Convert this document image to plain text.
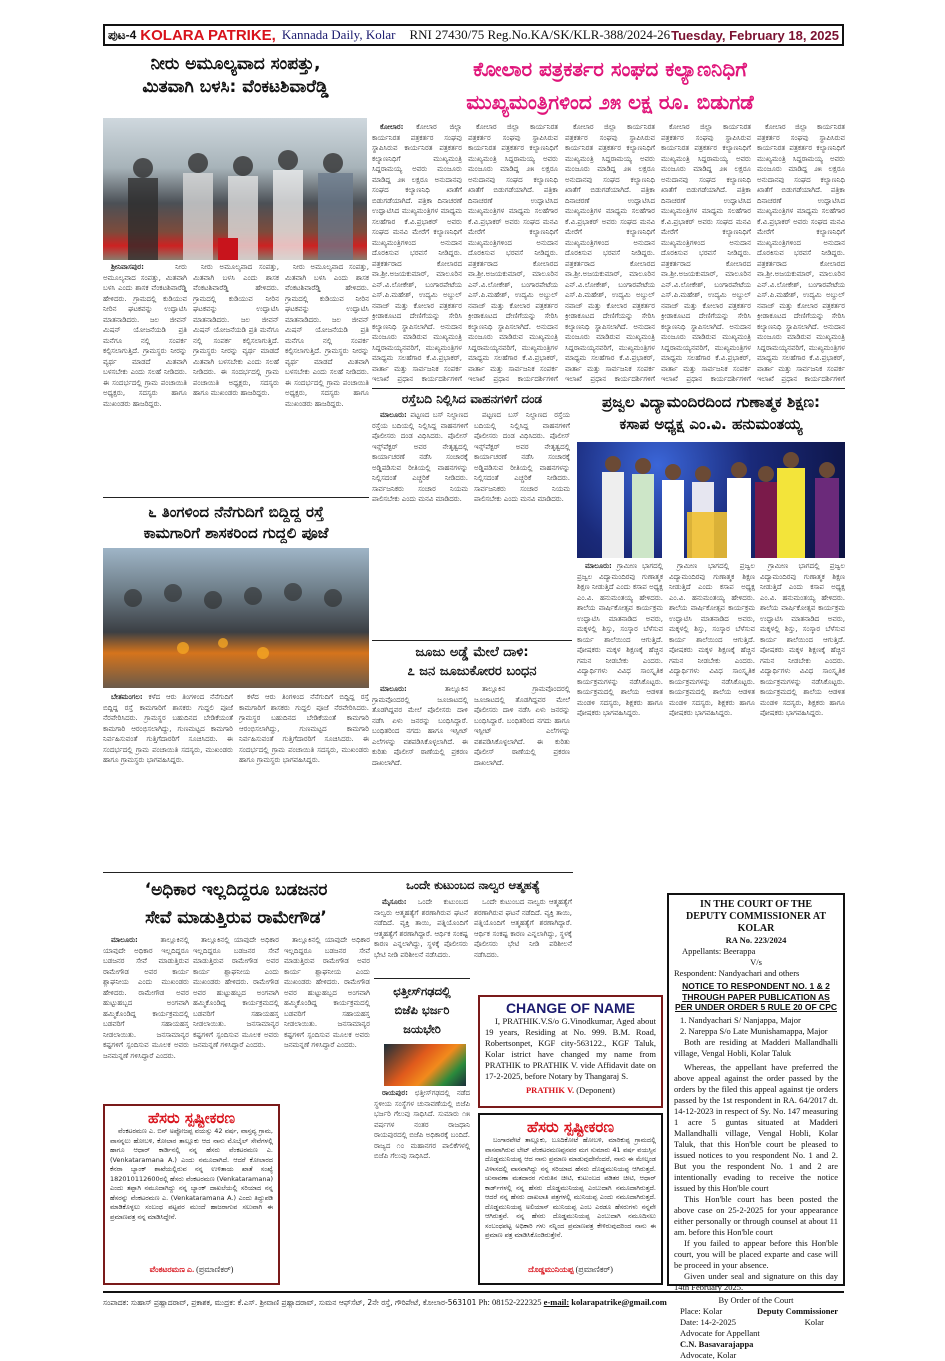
ಪುಟ-4 KOLARA PATRIKE, Kannada Daily, Kolar RNI 27430/75 Reg.No.KA/SK/KLR-388/2024-26 Tuesday, February 18, 2025
ನೀರು ಅಮೂಲ್ಯವಾದ ಸಂಪತ್ತು,
ಮಿತವಾಗಿ ಬಳಸಿ: ವೆಂಕಟಶಿವಾರೆಡ್ಡಿ

ಶ್ರೀನಿವಾಸಪುರ:	ನೀರು ಅಮೂಲ್ಯವಾದ ಸಂಪತ್ತು, ಮಿತವಾಗಿ ಬಳಸಿ ಎಂದು ಶಾಸಕ ವೆಂಕಟಶಿವಾರೆಡ್ಡಿ ಹೇಳಿದರು. ಗ್ರಾಮದಲ್ಲಿ ಕುಡಿಯುವ ನೀರಿನ ಘಟಕವನ್ನು ಉದ್ಘಾಟಿಸಿ ಮಾತನಾಡಿದರು. ಜಲ ಜೀವನ್ ಮಿಷನ್ ಯೋಜನೆಯಡಿ ಪ್ರತಿ ಮನೆಗೂ ನಲ್ಲಿ ಸಂಪರ್ಕ ಕಲ್ಪಿಸಲಾಗುತ್ತಿದೆ. ಗ್ರಾಮಸ್ಥರು ನೀರನ್ನು ವ್ಯರ್ಥ ಮಾಡದೆ ಮಿತವಾಗಿ ಬಳಸಬೇಕು ಎಂದು ಸಲಹೆ ನೀಡಿದರು. ಈ ಸಂದರ್ಭದಲ್ಲಿ ಗ್ರಾಮ ಪಂಚಾಯಿತಿ ಅಧ್ಯಕ್ಷರು, ಸದಸ್ಯರು ಹಾಗೂ ಮುಖಂಡರು ಹಾಜರಿದ್ದರು.

ನೀರು ಅಮೂಲ್ಯವಾದ ಸಂಪತ್ತು, ಮಿತವಾಗಿ ಬಳಸಿ ಎಂದು ಶಾಸಕ ವೆಂಕಟಶಿವಾರೆಡ್ಡಿ ಹೇಳಿದರು. ಗ್ರಾಮದಲ್ಲಿ ಕುಡಿಯುವ ನೀರಿನ ಘಟಕವನ್ನು ಉದ್ಘಾಟಿಸಿ ಮಾತನಾಡಿದರು. ಜಲ ಜೀವನ್ ಮಿಷನ್ ಯೋಜನೆಯಡಿ ಪ್ರತಿ ಮನೆಗೂ ನಲ್ಲಿ ಸಂಪರ್ಕ ಕಲ್ಪಿಸಲಾಗುತ್ತಿದೆ. ಗ್ರಾಮಸ್ಥರು ನೀರನ್ನು ವ್ಯರ್ಥ ಮಾಡದೆ ಮಿತವಾಗಿ ಬಳಸಬೇಕು ಎಂದು ಸಲಹೆ ನೀಡಿದರು. ಈ ಸಂದರ್ಭದಲ್ಲಿ ಗ್ರಾಮ ಪಂಚಾಯಿತಿ ಅಧ್ಯಕ್ಷರು, ಸದಸ್ಯರು ಹಾಗೂ ಮುಖಂಡರು ಹಾಜರಿದ್ದರು.

ನೀರು ಅಮೂಲ್ಯವಾದ ಸಂಪತ್ತು, ಮಿತವಾಗಿ ಬಳಸಿ ಎಂದು ಶಾಸಕ ವೆಂಕಟಶಿವಾರೆಡ್ಡಿ ಹೇಳಿದರು. ಗ್ರಾಮದಲ್ಲಿ ಕುಡಿಯುವ ನೀರಿನ ಘಟಕವನ್ನು ಉದ್ಘಾಟಿಸಿ ಮಾತನಾಡಿದರು. ಜಲ ಜೀವನ್ ಮಿಷನ್ ಯೋಜನೆಯಡಿ ಪ್ರತಿ ಮನೆಗೂ ನಲ್ಲಿ ಸಂಪರ್ಕ ಕಲ್ಪಿಸಲಾಗುತ್ತಿದೆ. ಗ್ರಾಮಸ್ಥರು ನೀರನ್ನು ವ್ಯರ್ಥ ಮಾಡದೆ ಮಿತವಾಗಿ ಬಳಸಬೇಕು ಎಂದು ಸಲಹೆ ನೀಡಿದರು. ಈ ಸಂದರ್ಭದಲ್ಲಿ ಗ್ರಾಮ ಪಂಚಾಯಿತಿ ಅಧ್ಯಕ್ಷರು, ಸದಸ್ಯರು ಹಾಗೂ ಮುಖಂಡರು ಹಾಜರಿದ್ದರು.

ಕೋಲಾರ ಪತ್ರಕರ್ತರ ಸಂಘದ ಕಲ್ಯಾಣನಿಧಿಗೆ
ಮುಖ್ಯಮಂತ್ರಿಗಳಿಂದ ೨೫ ಲಕ್ಷ ರೂ. ಬಿಡುಗಡೆ

ಕೋಲಾರ: ಕೋಲಾರ ಜಿಲ್ಲಾ ಕಾರ್ಯನಿರತ ಪತ್ರಕರ್ತರ ಸಂಘವು ಸ್ಥಾಪಿಸಿರುವ ಕಾರ್ಯನಿರತ ಪತ್ರಕರ್ತರ ಕಲ್ಯಾಣನಿಧಿಗೆ ಮುಖ್ಯಮಂತ್ರಿ ಸಿದ್ದರಾಮಯ್ಯ ಅವರು ಮಂಜೂರು ಮಾಡಿದ್ದ ೨೫ ಲಕ್ಷರೂ ಅನುದಾನವು ಸಂಘದ ಕಲ್ಯಾಣನಿಧಿ ಖಾತೆಗೆ ಬಿಡುಗಡೆಯಾಗಿದೆ. ಪತ್ರಿಕಾ ದಿನಾಚರಣೆ ಉದ್ಘಾಟಿಸಿದ ಮುಖ್ಯಮಂತ್ರಿಗಳ ಮಾಧ್ಯಮ ಸಲಹೆಗಾರ ಕೆ.ವಿ.ಪ್ರಭಾಕರ್ ಅವರು ಸಂಘದ ಮನವಿ ಮೇರೆಗೆ ಕಲ್ಯಾಣನಿಧಿಗೆ ಮುಖ್ಯಮಂತ್ರಿಗಳಿಂದ ಅನುದಾನ ದೊರಕಿಸುವ ಭರವಸೆ ನೀಡಿದ್ದರು. ಪತ್ರಕರ್ತರಾದ ಕೋಲಾರದ ವಾ.ಶ್ರೀ.ಅಜಯಕುಮಾರ್, ಮಾಲೂರಿನ ಎನ್.ವಿ.ಲೋಕೇಶ್, ಬಂಗಾರಪೇಟೆಯ ಎಸ್.ಪಿ.ಮಹೇಶ್, ಉದ್ಯಮಿ ಅಬ್ದುಲ್ ನವಾಜ್ ಮತ್ತು ಕೋಲಾರ ಪತ್ರಕರ್ತರ ಕ್ರೀಡಾಕೂಟದ ದೇಣಿಗೆಯನ್ನು ಸೇರಿಸಿ ಕಲ್ಯಾಣನಿಧಿ ಸ್ಥಾಪಿಸಲಾಗಿದೆ. ಅನುದಾನ ಮಂಜೂರು ಮಾಡಿರುವ ಮುಖ್ಯಮಂತ್ರಿ ಸಿದ್ದರಾಮಯ್ಯನವರಿಗೆ, ಮುಖ್ಯಮಂತ್ರಿಗಳ ಮಾಧ್ಯಮ ಸಲಹೆಗಾರ ಕೆ.ವಿ.ಪ್ರಭಾಕರ್, ವಾರ್ತಾ ಮತ್ತು ಸಾರ್ವಜನಿಕ ಸಂಪರ್ಕ ಇಲಾಖೆ ಪ್ರಧಾನ ಕಾರ್ಯದರ್ಶಿಗಳಿಗೆ

ಕೋಲಾರ ಜಿಲ್ಲಾ ಕಾರ್ಯನಿರತ ಪತ್ರಕರ್ತರ ಸಂಘವು ಸ್ಥಾಪಿಸಿರುವ ಕಾರ್ಯನಿರತ ಪತ್ರಕರ್ತರ ಕಲ್ಯಾಣನಿಧಿಗೆ ಮುಖ್ಯಮಂತ್ರಿ ಸಿದ್ದರಾಮಯ್ಯ ಅವರು ಮಂಜೂರು ಮಾಡಿದ್ದ ೨೫ ಲಕ್ಷರೂ ಅನುದಾನವು ಸಂಘದ ಕಲ್ಯಾಣನಿಧಿ ಖಾತೆಗೆ ಬಿಡುಗಡೆಯಾಗಿದೆ. ಪತ್ರಿಕಾ ದಿನಾಚರಣೆ ಉದ್ಘಾಟಿಸಿದ ಮುಖ್ಯಮಂತ್ರಿಗಳ ಮಾಧ್ಯಮ ಸಲಹೆಗಾರ ಕೆ.ವಿ.ಪ್ರಭಾಕರ್ ಅವರು ಸಂಘದ ಮನವಿ ಮೇರೆಗೆ ಕಲ್ಯಾಣನಿಧಿಗೆ ಮುಖ್ಯಮಂತ್ರಿಗಳಿಂದ ಅನುದಾನ ದೊರಕಿಸುವ ಭರವಸೆ ನೀಡಿದ್ದರು. ಪತ್ರಕರ್ತರಾದ ಕೋಲಾರದ ವಾ.ಶ್ರೀ.ಅಜಯಕುಮಾರ್, ಮಾಲೂರಿನ ಎನ್.ವಿ.ಲೋಕೇಶ್, ಬಂಗಾರಪೇಟೆಯ ಎಸ್.ಪಿ.ಮಹೇಶ್, ಉದ್ಯಮಿ ಅಬ್ದುಲ್ ನವಾಜ್ ಮತ್ತು ಕೋಲಾರ ಪತ್ರಕರ್ತರ ಕ್ರೀಡಾಕೂಟದ ದೇಣಿಗೆಯನ್ನು ಸೇರಿಸಿ ಕಲ್ಯಾಣನಿಧಿ ಸ್ಥಾಪಿಸಲಾಗಿದೆ. ಅನುದಾನ ಮಂಜೂರು ಮಾಡಿರುವ ಮುಖ್ಯಮಂತ್ರಿ ಸಿದ್ದರಾಮಯ್ಯನವರಿಗೆ, ಮುಖ್ಯಮಂತ್ರಿಗಳ ಮಾಧ್ಯಮ ಸಲಹೆಗಾರ ಕೆ.ವಿ.ಪ್ರಭಾಕರ್, ವಾರ್ತಾ ಮತ್ತು ಸಾರ್ವಜನಿಕ ಸಂಪರ್ಕ ಇಲಾಖೆ ಪ್ರಧಾನ ಕಾರ್ಯದರ್ಶಿಗಳಿಗೆ

ಕೋಲಾರ ಜಿಲ್ಲಾ ಕಾರ್ಯನಿರತ ಪತ್ರಕರ್ತರ ಸಂಘವು ಸ್ಥಾಪಿಸಿರುವ ಕಾರ್ಯನಿರತ ಪತ್ರಕರ್ತರ ಕಲ್ಯಾಣನಿಧಿಗೆ ಮುಖ್ಯಮಂತ್ರಿ ಸಿದ್ದರಾಮಯ್ಯ ಅವರು ಮಂಜೂರು ಮಾಡಿದ್ದ ೨೫ ಲಕ್ಷರೂ ಅನುದಾನವು ಸಂಘದ ಕಲ್ಯಾಣನಿಧಿ ಖಾತೆಗೆ ಬಿಡುಗಡೆಯಾಗಿದೆ. ಪತ್ರಿಕಾ ದಿನಾಚರಣೆ ಉದ್ಘಾಟಿಸಿದ ಮುಖ್ಯಮಂತ್ರಿಗಳ ಮಾಧ್ಯಮ ಸಲಹೆಗಾರ ಕೆ.ವಿ.ಪ್ರಭಾಕರ್ ಅವರು ಸಂಘದ ಮನವಿ ಮೇರೆಗೆ ಕಲ್ಯಾಣನಿಧಿಗೆ ಮುಖ್ಯಮಂತ್ರಿಗಳಿಂದ ಅನುದಾನ ದೊರಕಿಸುವ ಭರವಸೆ ನೀಡಿದ್ದರು. ಪತ್ರಕರ್ತರಾದ ಕೋಲಾರದ ವಾ.ಶ್ರೀ.ಅಜಯಕುಮಾರ್, ಮಾಲೂರಿನ ಎನ್.ವಿ.ಲೋಕೇಶ್, ಬಂಗಾರಪೇಟೆಯ ಎಸ್.ಪಿ.ಮಹೇಶ್, ಉದ್ಯಮಿ ಅಬ್ದುಲ್ ನವಾಜ್ ಮತ್ತು ಕೋಲಾರ ಪತ್ರಕರ್ತರ ಕ್ರೀಡಾಕೂಟದ ದೇಣಿಗೆಯನ್ನು ಸೇರಿಸಿ ಕಲ್ಯಾಣನಿಧಿ ಸ್ಥಾಪಿಸಲಾಗಿದೆ. ಅನುದಾನ ಮಂಜೂರು ಮಾಡಿರುವ ಮುಖ್ಯಮಂತ್ರಿ ಸಿದ್ದರಾಮಯ್ಯನವರಿಗೆ, ಮುಖ್ಯಮಂತ್ರಿಗಳ ಮಾಧ್ಯಮ ಸಲಹೆಗಾರ ಕೆ.ವಿ.ಪ್ರಭಾಕರ್, ವಾರ್ತಾ ಮತ್ತು ಸಾರ್ವಜನಿಕ ಸಂಪರ್ಕ ಇಲಾಖೆ ಪ್ರಧಾನ ಕಾರ್ಯದರ್ಶಿಗಳಿಗೆ

ಕೋಲಾರ ಜಿಲ್ಲಾ ಕಾರ್ಯನಿರತ ಪತ್ರಕರ್ತರ ಸಂಘವು ಸ್ಥಾಪಿಸಿರುವ ಕಾರ್ಯನಿರತ ಪತ್ರಕರ್ತರ ಕಲ್ಯಾಣನಿಧಿಗೆ ಮುಖ್ಯಮಂತ್ರಿ ಸಿದ್ದರಾಮಯ್ಯ ಅವರು ಮಂಜೂರು ಮಾಡಿದ್ದ ೨೫ ಲಕ್ಷರೂ ಅನುದಾನವು ಸಂಘದ ಕಲ್ಯಾಣನಿಧಿ ಖಾತೆಗೆ ಬಿಡುಗಡೆಯಾಗಿದೆ. ಪತ್ರಿಕಾ ದಿನಾಚರಣೆ ಉದ್ಘಾಟಿಸಿದ ಮುಖ್ಯಮಂತ್ರಿಗಳ ಮಾಧ್ಯಮ ಸಲಹೆಗಾರ ಕೆ.ವಿ.ಪ್ರಭಾಕರ್ ಅವರು ಸಂಘದ ಮನವಿ ಮೇರೆಗೆ ಕಲ್ಯಾಣನಿಧಿಗೆ ಮುಖ್ಯಮಂತ್ರಿಗಳಿಂದ ಅನುದಾನ ದೊರಕಿಸುವ ಭರವಸೆ ನೀಡಿದ್ದರು. ಪತ್ರಕರ್ತರಾದ ಕೋಲಾರದ ವಾ.ಶ್ರೀ.ಅಜಯಕುಮಾರ್, ಮಾಲೂರಿನ ಎನ್.ವಿ.ಲೋಕೇಶ್, ಬಂಗಾರಪೇಟೆಯ ಎಸ್.ಪಿ.ಮಹೇಶ್, ಉದ್ಯಮಿ ಅಬ್ದುಲ್ ನವಾಜ್ ಮತ್ತು ಕೋಲಾರ ಪತ್ರಕರ್ತರ ಕ್ರೀಡಾಕೂಟದ ದೇಣಿಗೆಯನ್ನು ಸೇರಿಸಿ ಕಲ್ಯಾಣನಿಧಿ ಸ್ಥಾಪಿಸಲಾಗಿದೆ. ಅನುದಾನ ಮಂಜೂರು ಮಾಡಿರುವ ಮುಖ್ಯಮಂತ್ರಿ ಸಿದ್ದರಾಮಯ್ಯನವರಿಗೆ, ಮುಖ್ಯಮಂತ್ರಿಗಳ ಮಾಧ್ಯಮ ಸಲಹೆಗಾರ ಕೆ.ವಿ.ಪ್ರಭಾಕರ್, ವಾರ್ತಾ ಮತ್ತು ಸಾರ್ವಜನಿಕ ಸಂಪರ್ಕ ಇಲಾಖೆ ಪ್ರಧಾನ ಕಾರ್ಯದರ್ಶಿಗಳಿಗೆ

ಕೋಲಾರ ಜಿಲ್ಲಾ ಕಾರ್ಯನಿರತ ಪತ್ರಕರ್ತರ ಸಂಘವು ಸ್ಥಾಪಿಸಿರುವ ಕಾರ್ಯನಿರತ ಪತ್ರಕರ್ತರ ಕಲ್ಯಾಣನಿಧಿಗೆ ಮುಖ್ಯಮಂತ್ರಿ ಸಿದ್ದರಾಮಯ್ಯ ಅವರು ಮಂಜೂರು ಮಾಡಿದ್ದ ೨೫ ಲಕ್ಷರೂ ಅನುದಾನವು ಸಂಘದ ಕಲ್ಯಾಣನಿಧಿ ಖಾತೆಗೆ ಬಿಡುಗಡೆಯಾಗಿದೆ. ಪತ್ರಿಕಾ ದಿನಾಚರಣೆ ಉದ್ಘಾಟಿಸಿದ ಮುಖ್ಯಮಂತ್ರಿಗಳ ಮಾಧ್ಯಮ ಸಲಹೆಗಾರ ಕೆ.ವಿ.ಪ್ರಭಾಕರ್ ಅವರು ಸಂಘದ ಮನವಿ ಮೇರೆಗೆ ಕಲ್ಯಾಣನಿಧಿಗೆ ಮುಖ್ಯಮಂತ್ರಿಗಳಿಂದ ಅನುದಾನ ದೊರಕಿಸುವ ಭರವಸೆ ನೀಡಿದ್ದರು. ಪತ್ರಕರ್ತರಾದ ಕೋಲಾರದ ವಾ.ಶ್ರೀ.ಅಜಯಕುಮಾರ್, ಮಾಲೂರಿನ ಎನ್.ವಿ.ಲೋಕೇಶ್, ಬಂಗಾರಪೇಟೆಯ ಎಸ್.ಪಿ.ಮಹೇಶ್, ಉದ್ಯಮಿ ಅಬ್ದುಲ್ ನವಾಜ್ ಮತ್ತು ಕೋಲಾರ ಪತ್ರಕರ್ತರ ಕ್ರೀಡಾಕೂಟದ ದೇಣಿಗೆಯನ್ನು ಸೇರಿಸಿ ಕಲ್ಯಾಣನಿಧಿ ಸ್ಥಾಪಿಸಲಾಗಿದೆ. ಅನುದಾನ ಮಂಜೂರು ಮಾಡಿರುವ ಮುಖ್ಯಮಂತ್ರಿ ಸಿದ್ದರಾಮಯ್ಯನವರಿಗೆ, ಮುಖ್ಯಮಂತ್ರಿಗಳ ಮಾಧ್ಯಮ ಸಲಹೆಗಾರ ಕೆ.ವಿ.ಪ್ರಭಾಕರ್, ವಾರ್ತಾ ಮತ್ತು ಸಾರ್ವಜನಿಕ ಸಂಪರ್ಕ ಇಲಾಖೆ ಪ್ರಧಾನ ಕಾರ್ಯದರ್ಶಿಗಳಿಗೆ

ರಸ್ತೆಬದಿ ನಿಲ್ಲಿಸಿದ ವಾಹನಗಳಿಗೆ ದಂಡ

ಮಾಲೂರು: ಪಟ್ಟಣದ ಬಸ್ ನಿಲ್ದಾಣದ ರಸ್ತೆಯ ಬದಿಯಲ್ಲಿ ನಿಲ್ಲಿಸಿದ್ದ ವಾಹನಗಳಿಗೆ ಪೊಲೀಸರು ದಂಡ ವಿಧಿಸಿದರು. ಪೊಲೀಸ್ ಇನ್ಸ್‌ಪೆಕ್ಟರ್ ಅವರ ನೇತೃತ್ವದಲ್ಲಿ ಕಾರ್ಯಾಚರಣೆ ನಡೆಸಿ ಸಂಚಾರಕ್ಕೆ ಅಡ್ಡಿಪಡಿಸುವ ರೀತಿಯಲ್ಲಿ ವಾಹನಗಳನ್ನು ನಿಲ್ಲಿಸದಂತೆ ಎಚ್ಚರಿಕೆ ನೀಡಿದರು. ಸಾರ್ವಜನಿಕರು ಸಂಚಾರ ನಿಯಮ ಪಾಲಿಸಬೇಕು ಎಂದು ಮನವಿ ಮಾಡಿದರು.

ಪಟ್ಟಣದ ಬಸ್ ನಿಲ್ದಾಣದ ರಸ್ತೆಯ ಬದಿಯಲ್ಲಿ ನಿಲ್ಲಿಸಿದ್ದ ವಾಹನಗಳಿಗೆ ಪೊಲೀಸರು ದಂಡ ವಿಧಿಸಿದರು. ಪೊಲೀಸ್ ಇನ್ಸ್‌ಪೆಕ್ಟರ್ ಅವರ ನೇತೃತ್ವದಲ್ಲಿ ಕಾರ್ಯಾಚರಣೆ ನಡೆಸಿ ಸಂಚಾರಕ್ಕೆ ಅಡ್ಡಿಪಡಿಸುವ ರೀತಿಯಲ್ಲಿ ವಾಹನಗಳನ್ನು ನಿಲ್ಲಿಸದಂತೆ ಎಚ್ಚರಿಕೆ ನೀಡಿದರು. ಸಾರ್ವಜನಿಕರು ಸಂಚಾರ ನಿಯಮ ಪಾಲಿಸಬೇಕು ಎಂದು ಮನವಿ ಮಾಡಿದರು.

ಪ್ರಜ್ವಲ ವಿದ್ಯಾಮಂದಿರದಿಂದ ಗುಣಾತ್ಮಕ ಶಿಕ್ಷಣ:
ಕಸಾಪ ಅಧ್ಯಕ್ಷ ಎಂ.ವಿ. ಹನುಮಂತಯ್ಯ

ಮಾಲೂರು: ಗ್ರಾಮೀಣ ಭಾಗದಲ್ಲಿ ಪ್ರಜ್ವಲ ವಿದ್ಯಾಮಂದಿರವು ಗುಣಾತ್ಮಕ ಶಿಕ್ಷಣ ನೀಡುತ್ತಿದೆ ಎಂದು ಕಸಾಪ ಅಧ್ಯಕ್ಷ ಎಂ.ವಿ. ಹನುಮಂತಯ್ಯ ಹೇಳಿದರು. ಶಾಲೆಯ ವಾರ್ಷಿಕೋತ್ಸವ ಕಾರ್ಯಕ್ರಮ ಉದ್ಘಾಟಿಸಿ ಮಾತನಾಡಿದ ಅವರು, ಮಕ್ಕಳಲ್ಲಿ ಶಿಸ್ತು, ಸಂಸ್ಕಾರ ಬೆಳೆಸುವ ಕಾರ್ಯ ಶಾಲೆಯಿಂದ ಆಗುತ್ತಿದೆ. ಪೋಷಕರು ಮಕ್ಕಳ ಶಿಕ್ಷಣಕ್ಕೆ ಹೆಚ್ಚಿನ ಗಮನ ನೀಡಬೇಕು ಎಂದರು. ವಿದ್ಯಾರ್ಥಿಗಳು ವಿವಿಧ ಸಾಂಸ್ಕೃತಿಕ ಕಾರ್ಯಕ್ರಮಗಳನ್ನು ನಡೆಸಿಕೊಟ್ಟರು. ಕಾರ್ಯಕ್ರಮದಲ್ಲಿ ಶಾಲೆಯ ಆಡಳಿತ ಮಂಡಳಿ ಸದಸ್ಯರು, ಶಿಕ್ಷಕರು ಹಾಗೂ ಪೋಷಕರು ಭಾಗವಹಿಸಿದ್ದರು.

ಗ್ರಾಮೀಣ ಭಾಗದಲ್ಲಿ ಪ್ರಜ್ವಲ ವಿದ್ಯಾಮಂದಿರವು ಗುಣಾತ್ಮಕ ಶಿಕ್ಷಣ ನೀಡುತ್ತಿದೆ ಎಂದು ಕಸಾಪ ಅಧ್ಯಕ್ಷ ಎಂ.ವಿ. ಹನುಮಂತಯ್ಯ ಹೇಳಿದರು. ಶಾಲೆಯ ವಾರ್ಷಿಕೋತ್ಸವ ಕಾರ್ಯಕ್ರಮ ಉದ್ಘಾಟಿಸಿ ಮಾತನಾಡಿದ ಅವರು, ಮಕ್ಕಳಲ್ಲಿ ಶಿಸ್ತು, ಸಂಸ್ಕಾರ ಬೆಳೆಸುವ ಕಾರ್ಯ ಶಾಲೆಯಿಂದ ಆಗುತ್ತಿದೆ. ಪೋಷಕರು ಮಕ್ಕಳ ಶಿಕ್ಷಣಕ್ಕೆ ಹೆಚ್ಚಿನ ಗಮನ ನೀಡಬೇಕು ಎಂದರು. ವಿದ್ಯಾರ್ಥಿಗಳು ವಿವಿಧ ಸಾಂಸ್ಕೃತಿಕ ಕಾರ್ಯಕ್ರಮಗಳನ್ನು ನಡೆಸಿಕೊಟ್ಟರು. ಕಾರ್ಯಕ್ರಮದಲ್ಲಿ ಶಾಲೆಯ ಆಡಳಿತ ಮಂಡಳಿ ಸದಸ್ಯರು, ಶಿಕ್ಷಕರು ಹಾಗೂ ಪೋಷಕರು ಭಾಗವಹಿಸಿದ್ದರು.

ಗ್ರಾಮೀಣ ಭಾಗದಲ್ಲಿ ಪ್ರಜ್ವಲ ವಿದ್ಯಾಮಂದಿರವು ಗುಣಾತ್ಮಕ ಶಿಕ್ಷಣ ನೀಡುತ್ತಿದೆ ಎಂದು ಕಸಾಪ ಅಧ್ಯಕ್ಷ ಎಂ.ವಿ. ಹನುಮಂತಯ್ಯ ಹೇಳಿದರು. ಶಾಲೆಯ ವಾರ್ಷಿಕೋತ್ಸವ ಕಾರ್ಯಕ್ರಮ ಉದ್ಘಾಟಿಸಿ ಮಾತನಾಡಿದ ಅವರು, ಮಕ್ಕಳಲ್ಲಿ ಶಿಸ್ತು, ಸಂಸ್ಕಾರ ಬೆಳೆಸುವ ಕಾರ್ಯ ಶಾಲೆಯಿಂದ ಆಗುತ್ತಿದೆ. ಪೋಷಕರು ಮಕ್ಕಳ ಶಿಕ್ಷಣಕ್ಕೆ ಹೆಚ್ಚಿನ ಗಮನ ನೀಡಬೇಕು ಎಂದರು. ವಿದ್ಯಾರ್ಥಿಗಳು ವಿವಿಧ ಸಾಂಸ್ಕೃತಿಕ ಕಾರ್ಯಕ್ರಮಗಳನ್ನು ನಡೆಸಿಕೊಟ್ಟರು. ಕಾರ್ಯಕ್ರಮದಲ್ಲಿ ಶಾಲೆಯ ಆಡಳಿತ ಮಂಡಳಿ ಸದಸ್ಯರು, ಶಿಕ್ಷಕರು ಹಾಗೂ ಪೋಷಕರು ಭಾಗವಹಿಸಿದ್ದರು.

೬ ತಿಂಗಳಿಂದ ನೆನೆಗುದಿಗೆ ಬಿದ್ದಿದ್ದ ರಸ್ತೆ
ಕಾಮಗಾರಿಗೆ ಶಾಸಕರಿಂದ ಗುದ್ದಲಿ ಪೂಜೆ

ಬೇತಮಂಗಲ: ಕಳೆದ ಆರು ತಿಂಗಳಿಂದ ನೆನೆಗುದಿಗೆ ಬಿದ್ದಿದ್ದ ರಸ್ತೆ ಕಾಮಗಾರಿಗೆ ಶಾಸಕರು ಗುದ್ದಲಿ ಪೂಜೆ ನೆರವೇರಿಸಿದರು. ಗ್ರಾಮಸ್ಥರ ಬಹುದಿನದ ಬೇಡಿಕೆಯಂತೆ ಕಾಮಗಾರಿ ಆರಂಭಿಸಲಾಗಿದ್ದು, ಗುಣಮಟ್ಟದ ಕಾಮಗಾರಿ ನಿರ್ವಹಿಸುವಂತೆ ಗುತ್ತಿಗೆದಾರರಿಗೆ ಸೂಚಿಸಿದರು. ಈ ಸಂದರ್ಭದಲ್ಲಿ ಗ್ರಾಮ ಪಂಚಾಯಿತಿ ಸದಸ್ಯರು, ಮುಖಂಡರು ಹಾಗೂ ಗ್ರಾಮಸ್ಥರು ಭಾಗವಹಿಸಿದ್ದರು.

ಕಳೆದ ಆರು ತಿಂಗಳಿಂದ ನೆನೆಗುದಿಗೆ ಬಿದ್ದಿದ್ದ ರಸ್ತೆ ಕಾಮಗಾರಿಗೆ ಶಾಸಕರು ಗುದ್ದಲಿ ಪೂಜೆ ನೆರವೇರಿಸಿದರು. ಗ್ರಾಮಸ್ಥರ ಬಹುದಿನದ ಬೇಡಿಕೆಯಂತೆ ಕಾಮಗಾರಿ ಆರಂಭಿಸಲಾಗಿದ್ದು, ಗುಣಮಟ್ಟದ ಕಾಮಗಾರಿ ನಿರ್ವಹಿಸುವಂತೆ ಗುತ್ತಿಗೆದಾರರಿಗೆ ಸೂಚಿಸಿದರು. ಈ ಸಂದರ್ಭದಲ್ಲಿ ಗ್ರಾಮ ಪಂಚಾಯಿತಿ ಸದಸ್ಯರು, ಮುಖಂಡರು ಹಾಗೂ ಗ್ರಾಮಸ್ಥರು ಭಾಗವಹಿಸಿದ್ದರು.

ಜೂಜು ಅಡ್ಡೆ ಮೇಲೆ ದಾಳಿ:
೭ ಜನ ಜೂಜುಕೋರರ ಬಂಧನ

ಮಾಲೂರು:	ತಾಲ್ಲೂಕಿನ ಗ್ರಾಮವೊಂದರಲ್ಲಿ ಜೂಜಾಟದಲ್ಲಿ ತೊಡಗಿದ್ದವರ ಮೇಲೆ ಪೊಲೀಸರು ದಾಳಿ ನಡೆಸಿ ಏಳು ಜನರನ್ನು ಬಂಧಿಸಿದ್ದಾರೆ. ಬಂಧಿತರಿಂದ ನಗದು ಹಾಗೂ ಇಸ್ಪೀಟ್ ಎಲೆಗಳನ್ನು ವಶಪಡಿಸಿಕೊಳ್ಳಲಾಗಿದೆ. ಈ ಕುರಿತು ಪೊಲೀಸ್ ಠಾಣೆಯಲ್ಲಿ ಪ್ರಕರಣ ದಾಖಲಾಗಿದೆ.

ತಾಲ್ಲೂಕಿನ ಗ್ರಾಮವೊಂದರಲ್ಲಿ ಜೂಜಾಟದಲ್ಲಿ ತೊಡಗಿದ್ದವರ ಮೇಲೆ ಪೊಲೀಸರು ದಾಳಿ ನಡೆಸಿ ಏಳು ಜನರನ್ನು ಬಂಧಿಸಿದ್ದಾರೆ. ಬಂಧಿತರಿಂದ ನಗದು ಹಾಗೂ ಇಸ್ಪೀಟ್ ಎಲೆಗಳನ್ನು ವಶಪಡಿಸಿಕೊಳ್ಳಲಾಗಿದೆ. ಈ ಕುರಿತು ಪೊಲೀಸ್ ಠಾಣೆಯಲ್ಲಿ ಪ್ರಕರಣ ದಾಖಲಾಗಿದೆ.

‘ಅಧಿಕಾರ ಇಲ್ಲದಿದ್ದರೂ ಬಡಜನರ
ಸೇವೆ ಮಾಡುತ್ತಿರುವ ರಾಮೇಗೌಡ’

ಮಾಲೂರು:	ತಾಲ್ಲೂಕಿನಲ್ಲಿ ಯಾವುದೇ ಅಧಿಕಾರ ಇಲ್ಲದಿದ್ದರೂ ಬಡಜನರ ಸೇವೆ ಮಾಡುತ್ತಿರುವ ರಾಮೇಗೌಡ ಅವರ ಕಾರ್ಯ ಶ್ಲಾಘನೀಯ ಎಂದು ಮುಖಂಡರು ಹೇಳಿದರು. ರಾಮೇಗೌಡ ಅವರ ಹುಟ್ಟುಹಬ್ಬದ ಅಂಗವಾಗಿ ಹಮ್ಮಿಕೊಂಡಿದ್ದ ಕಾರ್ಯಕ್ರಮದಲ್ಲಿ ಬಡವರಿಗೆ ಸಹಾಯಹಸ್ತ ನೀಡಲಾಯಿತು. ಜನಸಾಮಾನ್ಯರ ಕಷ್ಟಗಳಿಗೆ ಸ್ಪಂದಿಸುವ ಮೂಲಕ ಅವರು ಜನಮನ್ನಣೆ ಗಳಿಸಿದ್ದಾರೆ ಎಂದರು.

ತಾಲ್ಲೂಕಿನಲ್ಲಿ ಯಾವುದೇ ಅಧಿಕಾರ ಇಲ್ಲದಿದ್ದರೂ ಬಡಜನರ ಸೇವೆ ಮಾಡುತ್ತಿರುವ ರಾಮೇಗೌಡ ಅವರ ಕಾರ್ಯ ಶ್ಲಾಘನೀಯ ಎಂದು ಮುಖಂಡರು ಹೇಳಿದರು. ರಾಮೇಗೌಡ ಅವರ ಹುಟ್ಟುಹಬ್ಬದ ಅಂಗವಾಗಿ ಹಮ್ಮಿಕೊಂಡಿದ್ದ ಕಾರ್ಯಕ್ರಮದಲ್ಲಿ ಬಡವರಿಗೆ ಸಹಾಯಹಸ್ತ ನೀಡಲಾಯಿತು. ಜನಸಾಮಾನ್ಯರ ಕಷ್ಟಗಳಿಗೆ ಸ್ಪಂದಿಸುವ ಮೂಲಕ ಅವರು ಜನಮನ್ನಣೆ ಗಳಿಸಿದ್ದಾರೆ ಎಂದರು.

ತಾಲ್ಲೂಕಿನಲ್ಲಿ ಯಾವುದೇ ಅಧಿಕಾರ ಇಲ್ಲದಿದ್ದರೂ ಬಡಜನರ ಸೇವೆ ಮಾಡುತ್ತಿರುವ ರಾಮೇಗೌಡ ಅವರ ಕಾರ್ಯ ಶ್ಲಾಘನೀಯ ಎಂದು ಮುಖಂಡರು ಹೇಳಿದರು. ರಾಮೇಗೌಡ ಅವರ ಹುಟ್ಟುಹಬ್ಬದ ಅಂಗವಾಗಿ ಹಮ್ಮಿಕೊಂಡಿದ್ದ ಕಾರ್ಯಕ್ರಮದಲ್ಲಿ ಬಡವರಿಗೆ ಸಹಾಯಹಸ್ತ ನೀಡಲಾಯಿತು. ಜನಸಾಮಾನ್ಯರ ಕಷ್ಟಗಳಿಗೆ ಸ್ಪಂದಿಸುವ ಮೂಲಕ ಅವರು ಜನಮನ್ನಣೆ ಗಳಿಸಿದ್ದಾರೆ ಎಂದರು.

ಒಂದೇ ಕುಟುಂಬದ ನಾಲ್ವರ ಆತ್ಮಹತ್ಯೆ

ಮೈಸೂರು: ಒಂದೇ ಕುಟುಂಬದ ನಾಲ್ವರು ಆತ್ಮಹತ್ಯೆಗೆ ಶರಣಾಗಿರುವ ಘಟನೆ ನಡೆದಿದೆ. ವ್ಯಕ್ತಿ ತಾಯಿ, ಪತ್ನಿಯೊಂದಿಗೆ ಆತ್ಮಹತ್ಯೆಗೆ ಶರಣಾಗಿದ್ದಾರೆ. ಆರ್ಥಿಕ ಸಂಕಷ್ಟ ಕಾರಣ ಎನ್ನಲಾಗಿದ್ದು, ಸ್ಥಳಕ್ಕೆ ಪೊಲೀಸರು ಭೇಟಿ ನೀಡಿ ಪರಿಶೀಲನೆ ನಡೆಸಿದರು.

ಒಂದೇ ಕುಟುಂಬದ ನಾಲ್ವರು ಆತ್ಮಹತ್ಯೆಗೆ ಶರಣಾಗಿರುವ ಘಟನೆ ನಡೆದಿದೆ. ವ್ಯಕ್ತಿ ತಾಯಿ, ಪತ್ನಿಯೊಂದಿಗೆ ಆತ್ಮಹತ್ಯೆಗೆ ಶರಣಾಗಿದ್ದಾರೆ. ಆರ್ಥಿಕ ಸಂಕಷ್ಟ ಕಾರಣ ಎನ್ನಲಾಗಿದ್ದು, ಸ್ಥಳಕ್ಕೆ ಪೊಲೀಸರು ಭೇಟಿ ನೀಡಿ ಪರಿಶೀಲನೆ ನಡೆಸಿದರು.

ಛತ್ತೀಸ್‌ಗಢದಲ್ಲಿ
ಬಿಜೆಪಿ ಭರ್ಜರಿ
ಜಯಭೇರಿ

ರಾಯಪುರ: ಛತ್ತೀಸ್‌ಗಢದಲ್ಲಿ ನಡೆದ ಸ್ಥಳೀಯ ಸಂಸ್ಥೆಗಳ ಚುನಾವಣೆಯಲ್ಲಿ ಬಿಜೆಪಿ ಭರ್ಜರಿ ಗೆಲುವು ಸಾಧಿಸಿದೆ. ಸುಮಾರು ೧೫ ವರ್ಷಗಳ ನಂತರ ರಾಜಧಾನಿ ರಾಯಪುರದಲ್ಲಿ ಬಿಜೆಪಿ ಅಧಿಕಾರಕ್ಕೆ ಬಂದಿದೆ. ರಾಜ್ಯದ ೧೦ ಮಹಾನಗರ ಪಾಲಿಕೆಗಳಲ್ಲಿ ಬಿಜೆಪಿ ಗೆಲುವು ಸಾಧಿಸಿದೆ.

CHANGE OF NAME
I, PRATHIK.V.S/o G.Vinodkumar, Aged about 19 years, Residing at No. 999. B.M. Road, Robertsonpet, KGF city-563122., KGF Taluk, Kolar istrict have changed my name from PRATHIK to PRATHIK V. vide Affidavit date on 17-2-2025, before Notary by Thangaraj S.
PRATHIK V. (Deponent)
ಹೆಸರು ಸ್ಪಷ್ಟೀಕರಣ

ಬಂಗಾರಪೇಟೆ ತಾಲ್ಲೂಕು, ಬೂದಿಕೋಟೆ ಹೋಬಳಿ, ಮಾರಿಕುಪ್ಪ ಗ್ರಾಮದಲ್ಲಿ ವಾಸವಾಗಿರುವ ಲೇಟ್ ವೆಂಕಟರಮಣಪ್ಪನವರ ಮಗ ಸುಮಾರು 41 ವರ್ಷ ವಯಸ್ಸಿನ ದೊಡ್ಡಮುನಿಯಪ್ಪ ಆದ ನಾನು ಪ್ರಮಾಣ ಮಾಡುವುದೇನೆಂದರೆ, ನಾನು ಈ ಮೇಲ್ಕಂಡ ವಿಳಾಸದಲ್ಲಿ ವಾಸವಾಗಿದ್ದು ನನ್ನ ಸರಿಯಾದ ಹೆಸರು ದೊಡ್ಡಮುನಿಯಪ್ಪ ಆಗಿರುತ್ತದೆ. ಚುನಾವಣಾ ಮತದಾರರ ಗುರುತಿನ ಚೀಟಿ, ಕುಟುಂಬದ ಪಡಿತರ ಚೀಟಿ, ಆಧಾರ್ ಕಾರ್ಡ್‌ಗಳಲ್ಲಿ ನನ್ನ ಹೆಸರು ದೊಡ್ಡಮುನಿಯಪ್ಪ ಎಂಬುದಾಗಿ ನಮೂದಾಗಿರುತ್ತದೆ. ಆದರೆ ನನ್ನ ಹೆಸರು ದಾಖಲಾತಿ ಪತ್ರಗಳಲ್ಲಿ ಮುನಿಯಪ್ಪ ಎಂದು ನಮೂದಾಗಿರುತ್ತದೆ. ದೊಡ್ಡಮುನಿಯಪ್ಪ ಅಲಿಯಾಸ್ ಮುನಿಯಪ್ಪ ಎಂಬ ಎರಡೂ ಹೆಸರುಗಳು ನನ್ನವೇ ಆಗಿರುತ್ತವೆ. ನನ್ನ ಹೆಸರು ದೊಡ್ಡಮುನಿಯಪ್ಪ ಎಂಬುದಾಗಿ ನಮೂದಿಸಲು ಸಂಬಂಧಪಟ್ಟ ಅಧಿಕಾರಿ ಗಳು ನನ್ನಿಂದ ಪ್ರಮಾಣಪತ್ರ ಕೇಳಿರುವುದರಿಂದ ನಾನು ಈ ಪ್ರಮಾಣ ಪತ್ರ ಮಾಡಿಸಿಕೊಂಡಿರುತ್ತೇನೆ.

ದೊಡ್ಡಮುನಿಯಪ್ಪ (ಪ್ರಮಾಣಿಕರ್)
ಹೆಸರು ಸ್ಪಷ್ಟೀಕರಣ

ವೆಂಕಟರಮಣ ಎ. ಬಿನ್ ಅಪ್ಪೋಜಪ್ಪ ವಯಸ್ಸು 42 ವರ್ಷ, ವಾಸ್ತವ್ಯ ಗ್ರಾಮ, ವಾಸನ್ನಲು ಹೋಬಳಿ, ಕೋಲಾರ ತಾಲ್ಲೂಕು ಆದ ನಾನು ಮೊಬೈಲ್ ಸೇವೆಗಳಲ್ಲಿ ಹಾಗೂ ಆಧಾರ್ ಕಾರ್ಡಿನಲ್ಲಿ ನನ್ನ ಹೆಸರು ವೆಂಕಟರಮಣ ಎ.(Venkataramana A.) ಎಂದು ನಮೂದಾಗಿದೆ. ಆದರೆ ಕೋಲಾರದ ಕೆನರಾ ಬ್ಯಾಂಕ್ ಶಾಖೆಯಲ್ಲಿರುವ ನನ್ನ ಉಳಿತಾಯ ಖಾತೆ ಸಂಖ್ಯೆ 182010112600ರಲ್ಲಿ ಹೆಸರು ವೆಂಕಟರಮಣ (Venkataramana) ಎಂದು ತಪ್ಪಾಗಿ ನಮೂದಾಗಿದ್ದು ನನ್ನ ಬ್ಯಾಂಕ್ ದಾಖಲೆಯಲ್ಲಿ ಸರಿಯಾದ ನನ್ನ ಹೆಸರನ್ನು ವೆಂಕಟರಮಣ ಎ. (Venkataramana A.) ಎಂದು ತಿದ್ದುಪಡಿ ಮಾಡಿಕೊಳ್ಳಲು ಸಂಬಂಧ ಪಟ್ಟವರ ಮುಂದೆ ಹಾಜರಾಗುವ ಸಲುವಾಗಿ ಈ ಪ್ರಮಾಣಪತ್ರ ನನ್ನ ಮಾಡಿಸಿದ್ದೇನೆ.

ವೆಂಕಟರಮಣ ಎ. (ಪ್ರಮಾಣಿಕರ್)
IN THE COURT OF THE
DEPUTY COMMISSIONER AT KOLAR
RA No. 223/2024
Appellants: Beerappa
V/s
Respondent: Nandyachari and others
NOTICE TO RESPONDENT NO. 1 & 2 THROUGH PAPER PUBLICATION AS PER UNDER ORDER 5 RULE 20 OF CPC
1. Nandyachari S/ Nanjappa, Major
2. Nareppa S/o Late Munishamappa, Major
Both are residing at Madderi Mallandhalli village, Vengal Hobli, Kolar Taluk
Whereas, the appellant have preferred the above appeal against the order passed by the orders by the filed this appeal against tje orders passed by the 1st respondent in RA. 64/2017 dt. 14-12-2023 in respect of Sy. No. 147 measuring 1 acre 5 guntas situated at Madderi Mallandhalli village, Vengal Hobli, Kolar Taluk, that this Hon'ble court be pleased to issued notices to you respondent No. 1 and 2. But you the respondent No. 1 and 2 are intentionally evading to receive the notice issued by this Hon'ble court
This Hon'ble court has been posted the above case on 25-2-2025 for your appearance either personally or through counsel at about 11 am. before this Hon'ble court
If you failed to appear before this Hon'ble court, you will be placed exparte and case will be proceed in your absence.
Given under seal and signature on this day 14th February 2025.
By Order of the Court
Place: Kolar	Deputy Commissioner
Date: 14-2-2025	Kolar
Advocate for Appellant
C.N. Basavarajappa
Advocate, Kolar
ಸಂಪಾದಕ: ಸುಹಾಸ್ ಪ್ರಹ್ಲಾದರಾವ್, ಪ್ರಕಾಶಕ, ಮುದ್ರಕ: ಕೆ.ಎಸ್. ಶ್ರೀವಾಣಿ ಪ್ರಹ್ಲಾದರಾವ್, ಸುಮನ ಆಫ್‌ಸೆಟ್, 2ನೇ ರಸ್ತೆ, ಗೌರಿಪೇಟೆ, ಕೋಲಾರ-563101 Ph: 08152-222325 e-mail: kolarapatrike@gmail.com
